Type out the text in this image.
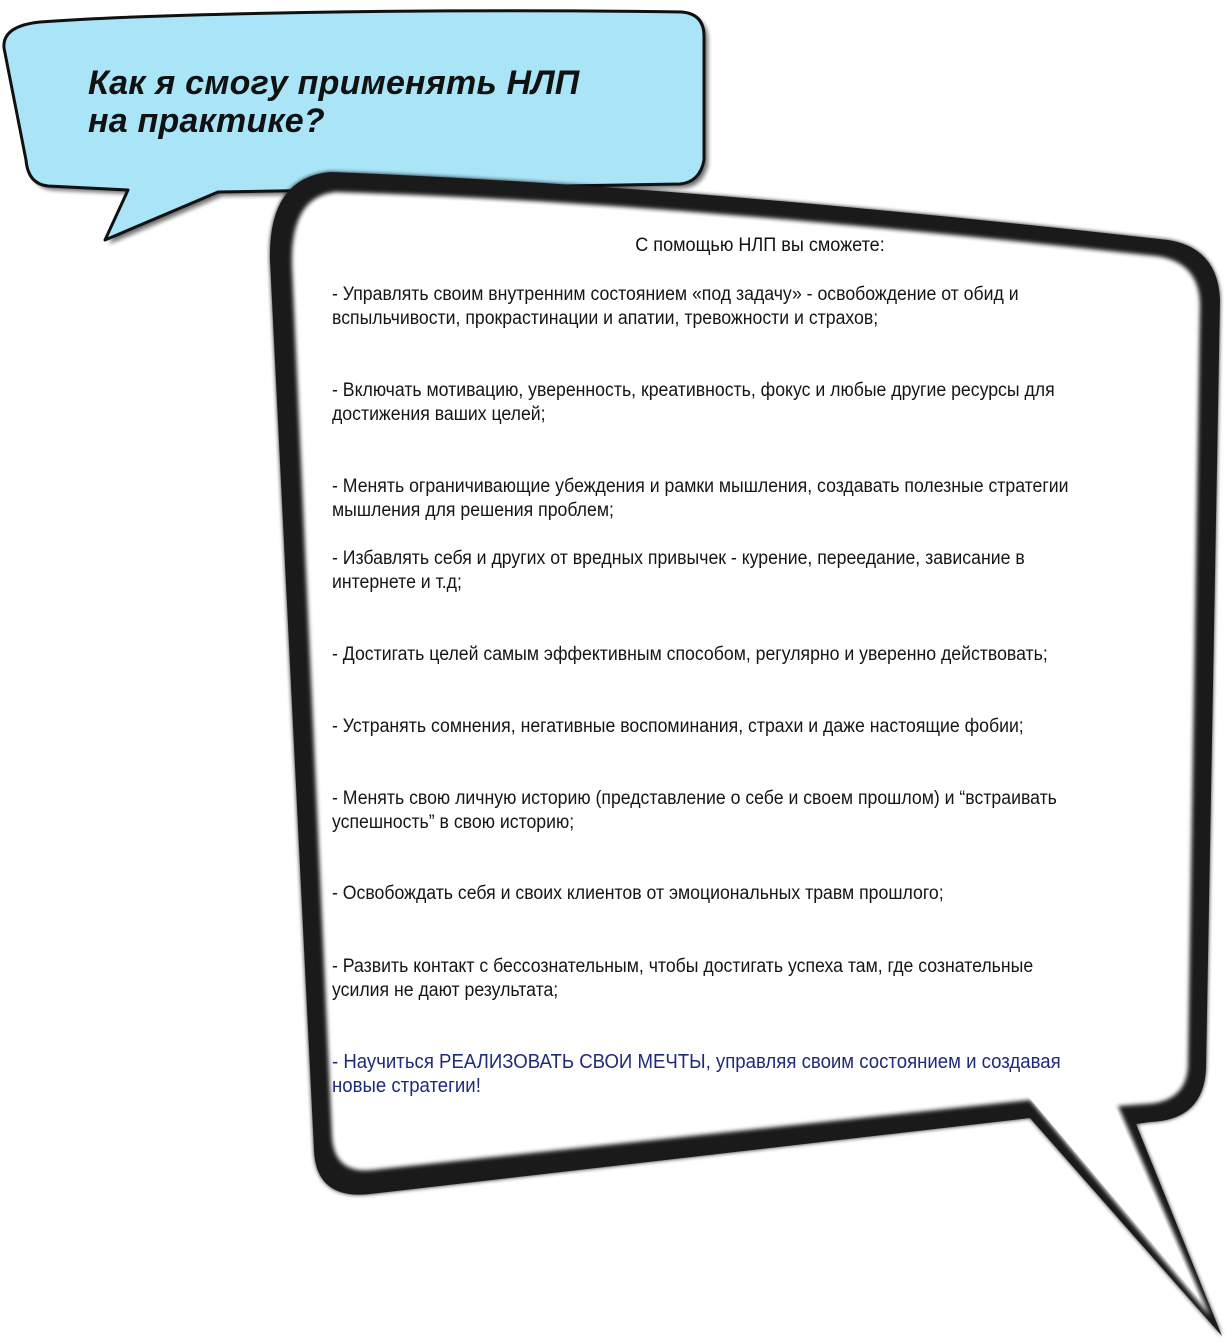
Как я смогу применять НЛП
на практике?

С помощью НЛП вы сможете:

- Управлять своим внутренним состоянием «под задачу» - освобождение от обид и
вспыльчивости, прокрастинации и апатии, тревожности и страхов;

- Включать мотивацию, уверенность, креативность, фокус и любые другие ресурсы для
достижения ваших целей;

- Менять ограничивающие убеждения и рамки мышления, создавать полезные стратегии
мышления для решения проблем;

- Избавлять себя и других от вредных привычек - курение, переедание, зависание в
интернете и т.д;

- Достигать целей самым эффективным способом, регулярно и уверенно действовать;

- Устранять сомнения, негативные воспоминания, страхи и даже настоящие фобии;

- Менять свою личную историю (представление о себе и своем прошлом) и “встраивать
успешность” в свою историю;

- Освобождать себя и своих клиентов от эмоциональных травм прошлого;

- Развить контакт с бессознательным, чтобы достигать успеха там, где сознательные
усилия не дают результата;

- Научиться РЕАЛИЗОВАТЬ СВОИ МЕЧТЫ, управляя своим состоянием и создавая
новые стратегии!
